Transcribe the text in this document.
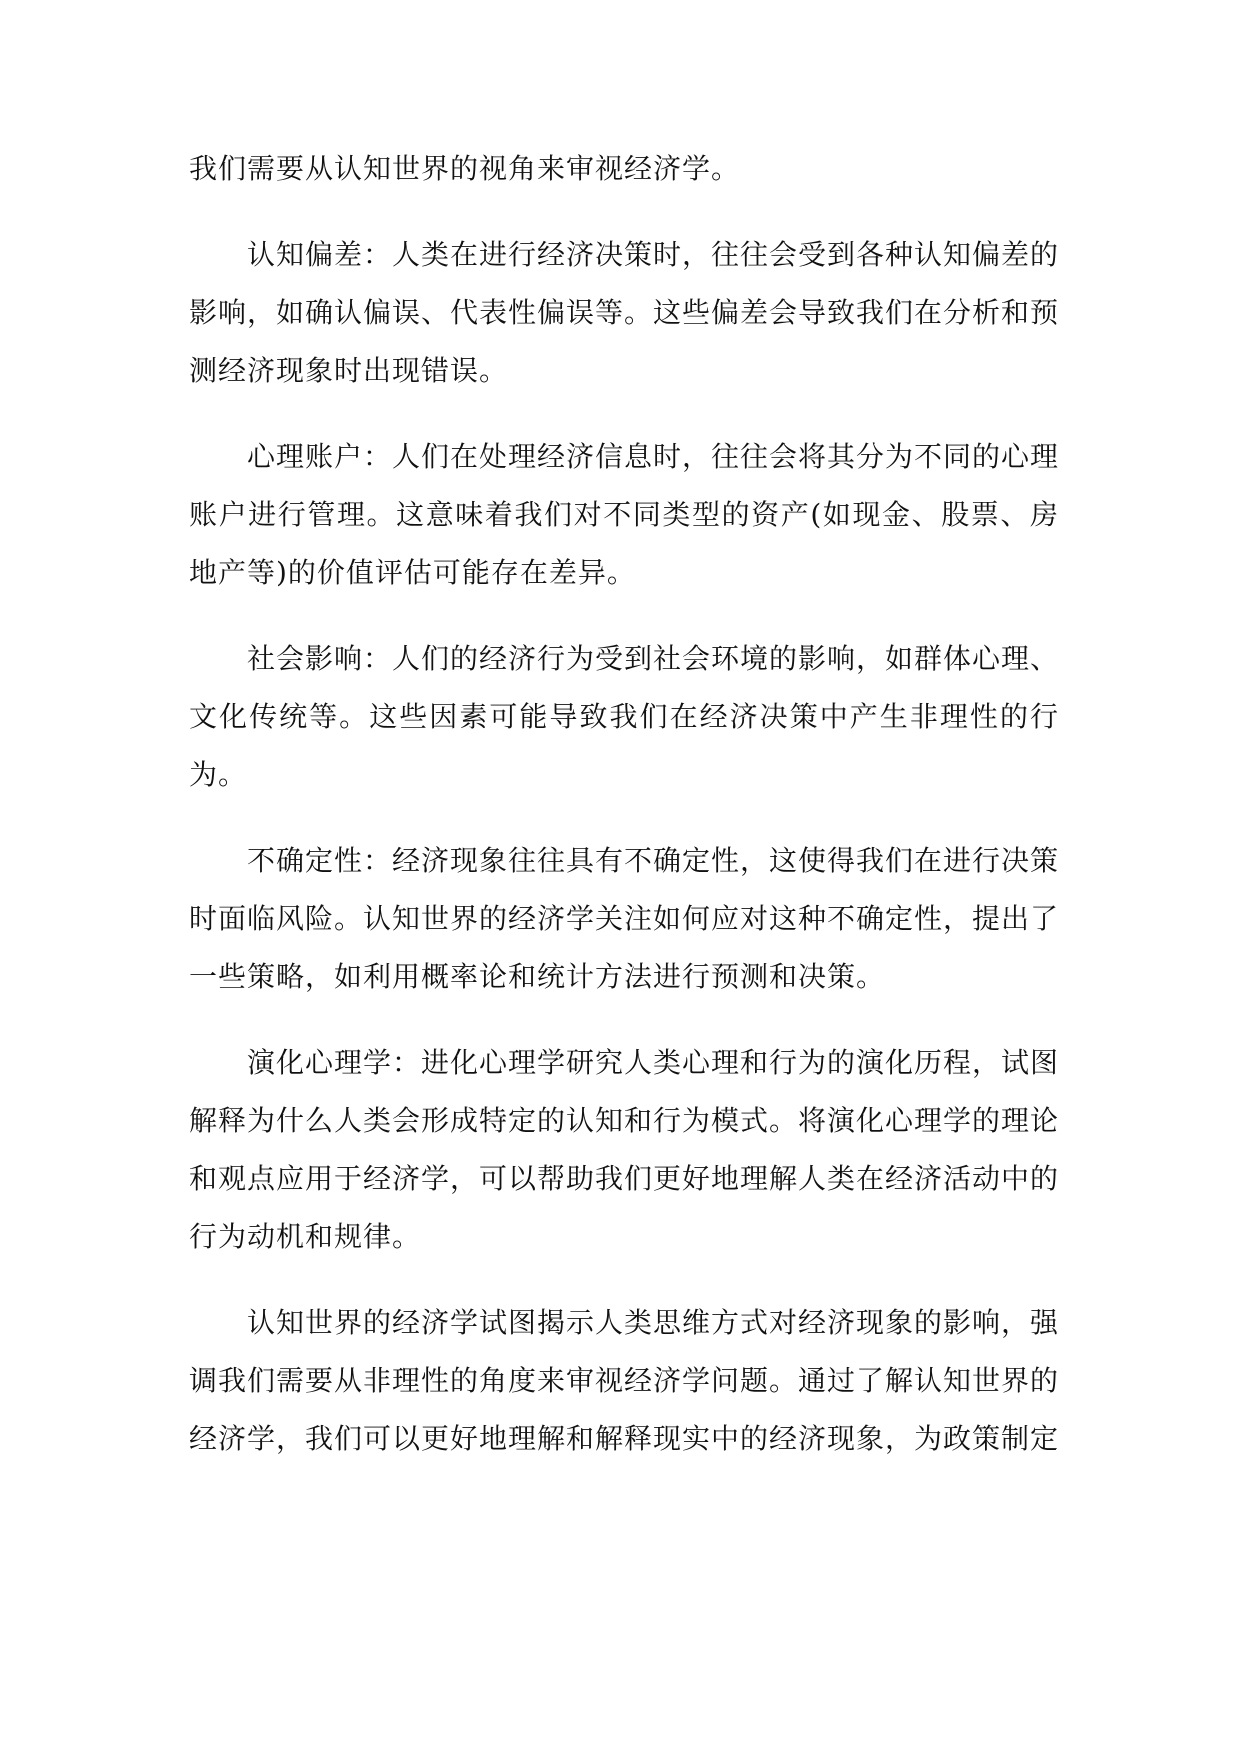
我们需要从认知世界的视角来审视经济学。

认知偏差：人类在进行经济决策时，往往会受到各种认知偏差的影响，如确认偏误、代表性偏误等。这些偏差会导致我们在分析和预测经济现象时出现错误。

心理账户：人们在处理经济信息时，往往会将其分为不同的心理账户进行管理。这意味着我们对不同类型的资产(如现金、股票、房地产等)的价值评估可能存在差异。

社会影响：人们的经济行为受到社会环境的影响，如群体心理、文化传统等。这些因素可能导致我们在经济决策中产生非理性的行为。

不确定性：经济现象往往具有不确定性，这使得我们在进行决策时面临风险。认知世界的经济学关注如何应对这种不确定性，提出了一些策略，如利用概率论和统计方法进行预测和决策。

演化心理学：进化心理学研究人类心理和行为的演化历程，试图解释为什么人类会形成特定的认知和行为模式。将演化心理学的理论和观点应用于经济学，可以帮助我们更好地理解人类在经济活动中的行为动机和规律。

认知世界的经济学试图揭示人类思维方式对经济现象的影响，强调我们需要从非理性的角度来审视经济学问题。通过了解认知世界的经济学，我们可以更好地理解和解释现实中的经济现象，为政策制定
